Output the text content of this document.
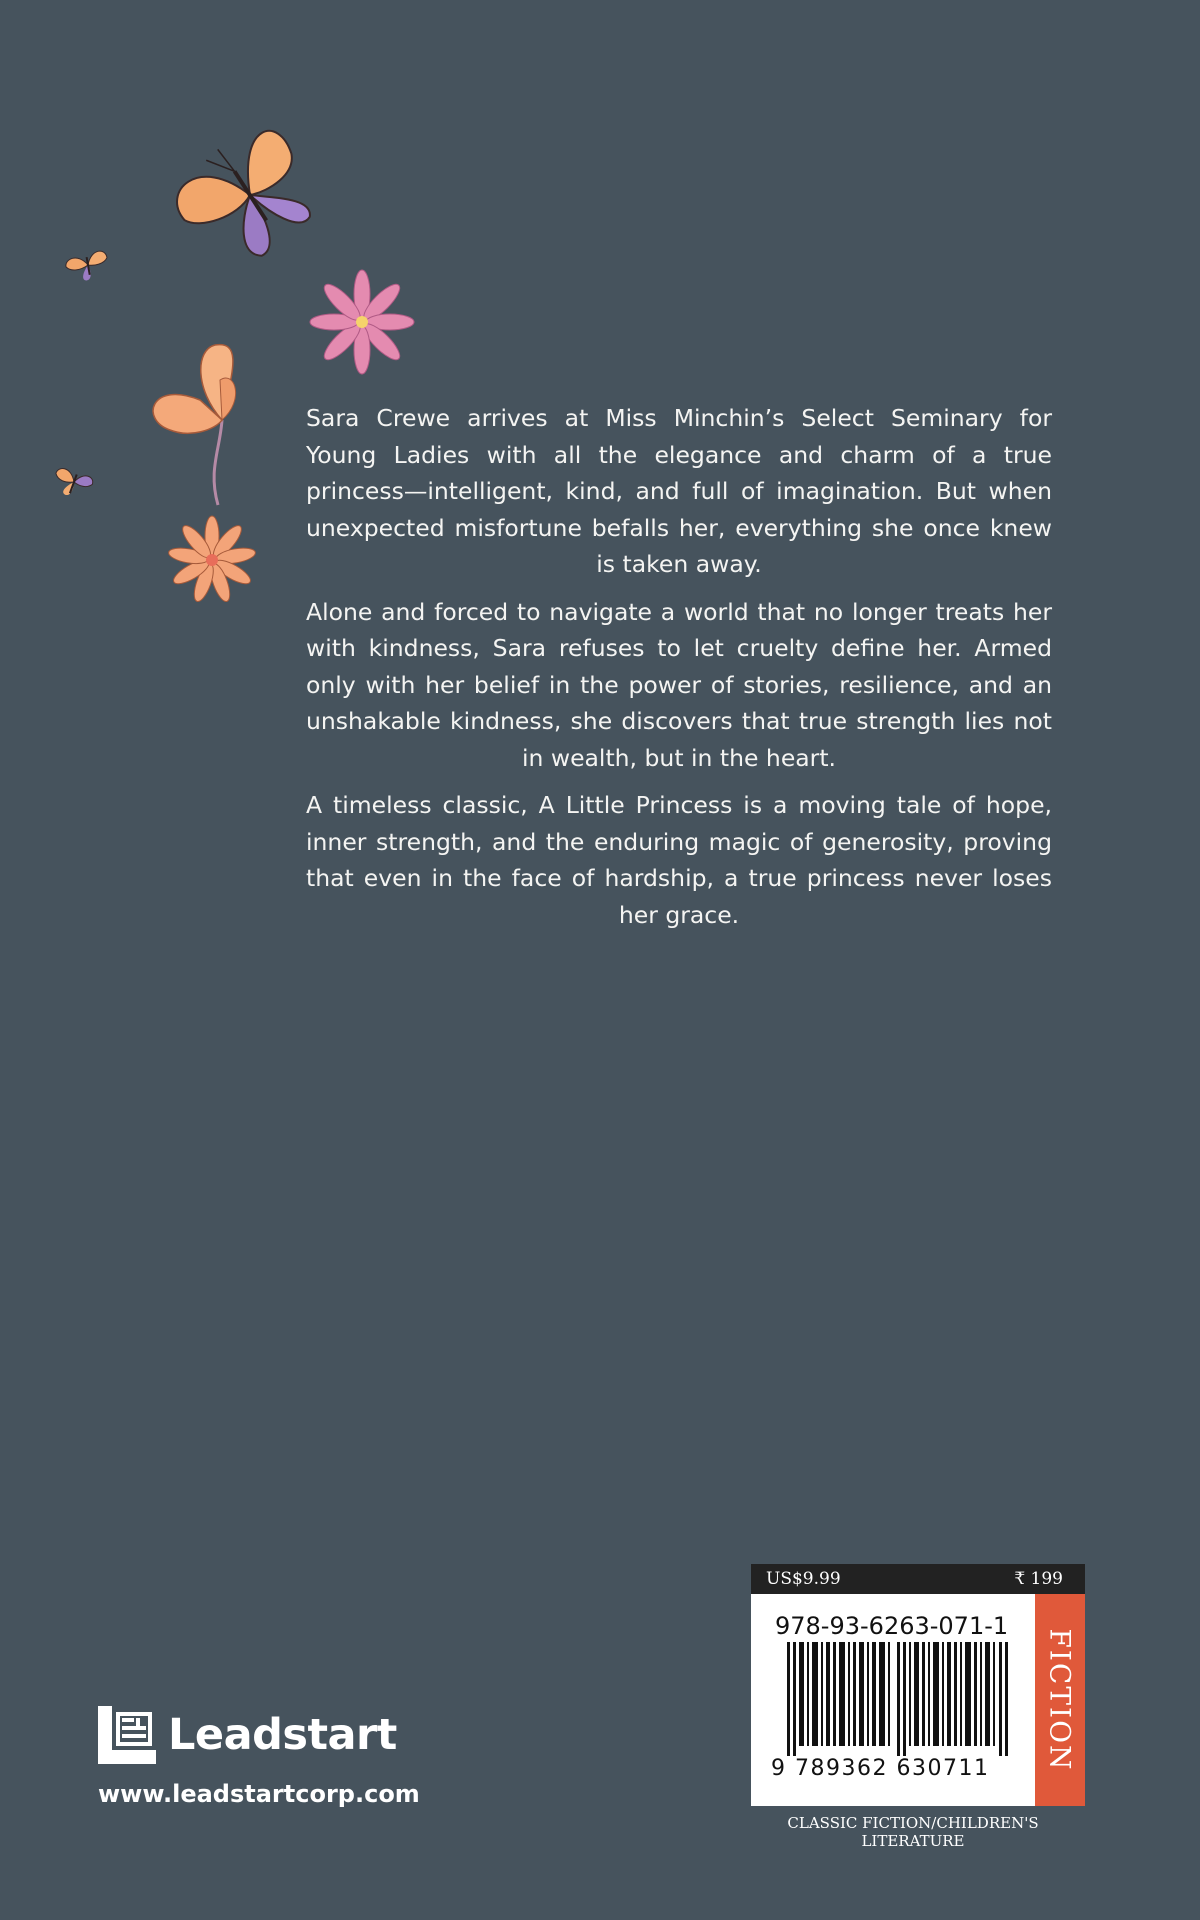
Sara Crewe arrives at Miss Minchin’s Select Seminary for Young Ladies with all the elegance and charm of a true princess—intelligent, kind, and full of imagination. But when unexpected misfortune befalls her, everything she once knew is taken away.

Alone and forced to navigate a world that no longer treats her with kindness, Sara refuses to let cruelty define her. Armed only with her belief in the power of stories, resilience, and an unshakable kindness, she discovers that true strength lies not in wealth, but in the heart.

A timeless classic, A Little Princess is a moving tale of hope, inner strength, and the enduring magic of generosity, proving that even in the face of hardship, a true princess never loses her grace.

Leadstart
www.leadstartcorp.com
US$9.99	₹ 199
978-93-6263-071-1
9 789362 630711 FICTION
CLASSIC FICTION/CHILDREN'S LITERATURE
